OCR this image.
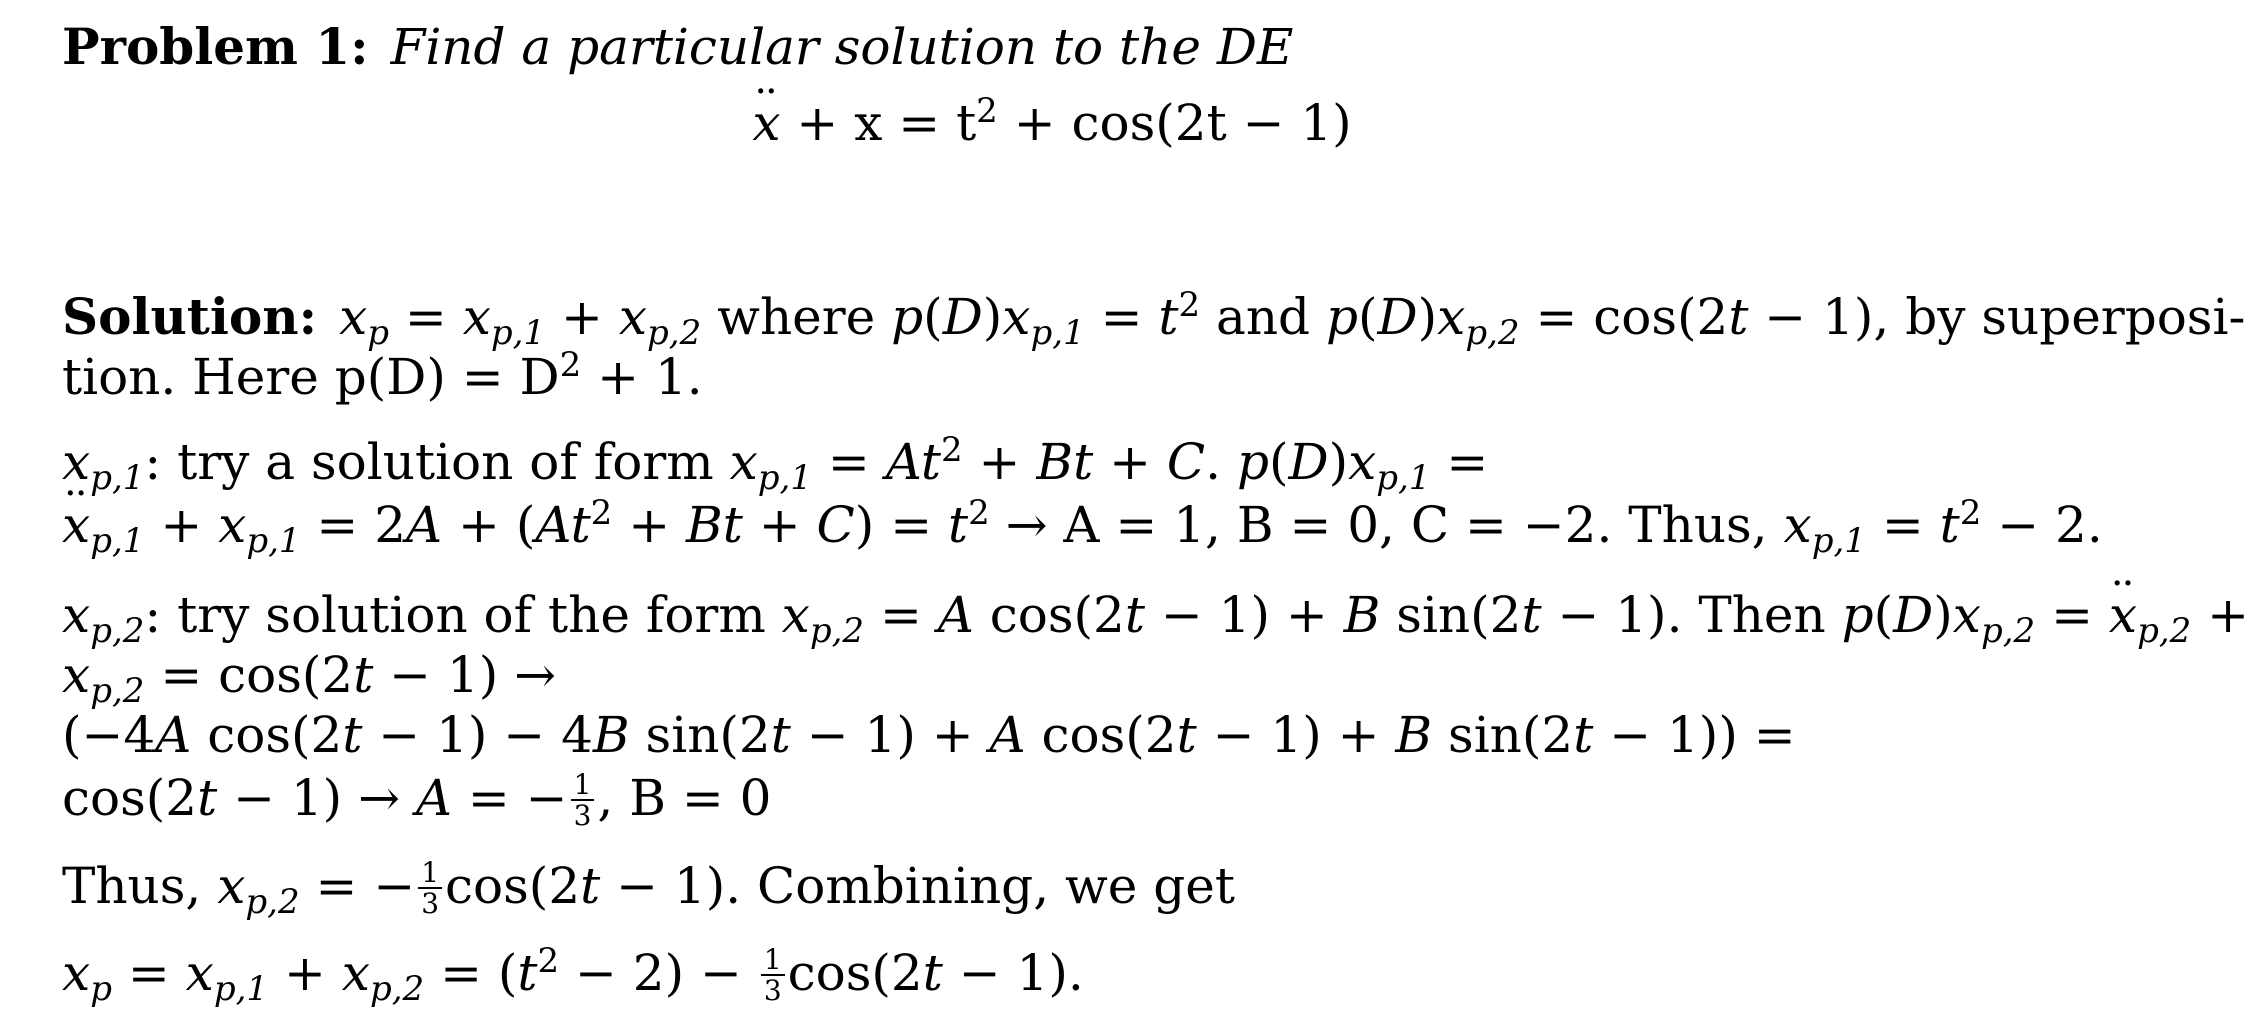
Problem 1: Find a particular solution to the DE
·· $x + x = t^2 + \cos(2t - 1)$
Solution: $x_p = x_{p,1} + x_{p,2}$ where $p(D)x_{p,1} = t^2$ and $p(D)x_{p,2} = \cos(2t - 1)$, by superposi-
tion. Here $p(D) = D^2 + 1$.
$x_{p,1}$: try a solution of form $x_{p,1} = At^2 + Bt + C$. $p(D)x_{p,1}$ =
·· $x_{p,1} + x_{p,1} = 2A + (At^2 + Bt + C) = t^2 \to A = 1$, B = 0, C = −2. Thus, $x_{p,1} = t^2 - 2$.
$x_{p,2}$: try solution of the form $x_{p,2} = A$ cos(2t − 1) + B sin(2t − 1). Then $p(D)x_{p,2}$ = ·· $x_{p,2}$ +
$x_{p,2} = \cos(2t - 1)$ →
(−4A cos(2t − 1) − 4B sin(2t − 1) + A cos(2t − 1) + B sin(2t − 1)) =
cos(2t − 1) → A = − $\frac{1}{3}$ , B = 0
Thus, $x_{p,2}$ = − $\frac{1}{3} \cos(2t - 1)$. Combining, we get
$x_p = x_{p,1} + x_{p,2} = (t^2 - 2) - \frac{1}{3} \cos(2t - 1)$.
